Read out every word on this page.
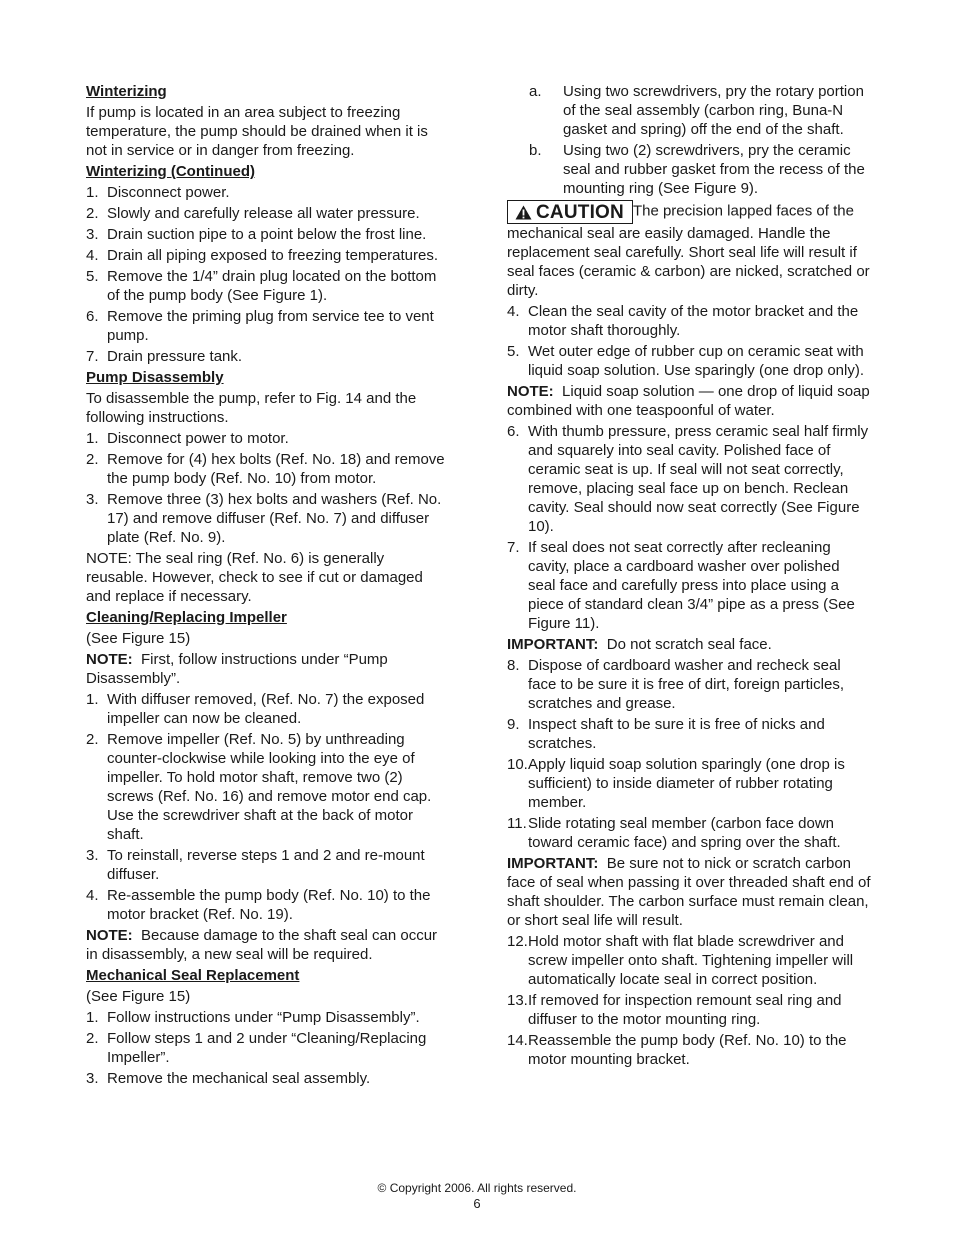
Winterizing
If pump is located in an area subject to freezing temperature, the pump should be drained when it is not in service or in danger from freezing.
Winterizing (Continued)
1. Disconnect power.
2. Slowly and carefully release all water pressure.
3. Drain suction pipe to a point below the frost line.
4. Drain all piping exposed to freezing temperatures.
5. Remove the 1/4” drain plug located on the bottom of the pump body (See Figure 1).
6. Remove the priming plug from service tee to vent pump.
7. Drain pressure tank.
Pump Disassembly
To disassemble the pump, refer to Fig. 14 and the following instructions.
1. Disconnect power to motor.
2. Remove for (4) hex bolts (Ref. No. 18) and remove the pump body (Ref. No. 10) from motor.
3. Remove three (3) hex bolts and washers (Ref. No. 17) and remove diffuser (Ref. No. 7) and diffuser plate (Ref. No. 9).
NOTE: The seal ring (Ref. No. 6) is generally reusable. However, check to see if cut or damaged and replace if necessary.
Cleaning/Replacing Impeller
(See Figure 15)
NOTE: First, follow instructions under “Pump Disassembly”.
1. With diffuser removed, (Ref. No. 7) the exposed impeller can now be cleaned.
2. Remove impeller (Ref. No. 5) by unthreading counter-clockwise while looking into the eye of impeller. To hold motor shaft, remove two (2) screws (Ref. No. 16) and remove motor end cap. Use the screwdriver shaft at the back of motor shaft.
3. To reinstall, reverse steps 1 and 2 and re-mount diffuser.
4. Re-assemble the pump body (Ref. No. 10) to the motor bracket (Ref. No. 19).
NOTE: Because damage to the shaft seal can occur in disassembly, a new seal will be required.
Mechanical Seal Replacement
(See Figure 15)
1. Follow instructions under “Pump Disassembly”.
2. Follow steps 1 and 2 under “Cleaning/Replacing Impeller”.
3. Remove the mechanical seal assembly.
a.	Using two screwdrivers, pry the rotary portion of the seal assembly (carbon ring, Buna-N gasket and spring) off the end of the shaft.
b.	Using two (2) screwdrivers, pry the ceramic seal and rubber gasket from the recess of the mounting ring (See Figure 9).
CAUTION The precision lapped faces of the mechanical seal are easily damaged. Handle the replacement seal carefully. Short seal life will result if seal faces (ceramic & carbon) are nicked, scratched or dirty.
4. Clean the seal cavity of the motor bracket and the motor shaft thoroughly.
5. Wet outer edge of rubber cup on ceramic seat with liquid soap solution. Use sparingly (one drop only).
NOTE: Liquid soap solution — one drop of liquid soap combined with one teaspoonful of water.
6. With thumb pressure, press ceramic seal half firmly and squarely into seal cavity. Polished face of ceramic seat is up. If seal will not seat correctly, remove, placing seal face up on bench. Reclean cavity. Seal should now seat correctly (See Figure 10).
7. If seal does not seat correctly after recleaning cavity, place a cardboard washer over polished seal face and carefully press into place using a piece of standard clean 3/4” pipe as a press (See Figure 11).
IMPORTANT: Do not scratch seal face.
8. Dispose of cardboard washer and recheck seal face to be sure it is free of dirt, foreign particles, scratches and grease.
9. Inspect shaft to be sure it is free of nicks and scratches.
10. Apply liquid soap solution sparingly (one drop is sufficient) to inside diameter of rubber rotating member.
11. Slide rotating seal member (carbon face down toward ceramic face) and spring over the shaft.
IMPORTANT: Be sure not to nick or scratch carbon face of seal when passing it over threaded shaft end of shaft shoulder. The carbon surface must remain clean, or short seal life will result.
12. Hold motor shaft with flat blade screwdriver and screw impeller onto shaft. Tightening impeller will automatically locate seal in correct position.
13. If removed for inspection remount seal ring and diffuser to the motor mounting ring.
14. Reassemble the pump body (Ref. No. 10) to the motor mounting bracket.
© Copyright 2006. All rights reserved.
6
